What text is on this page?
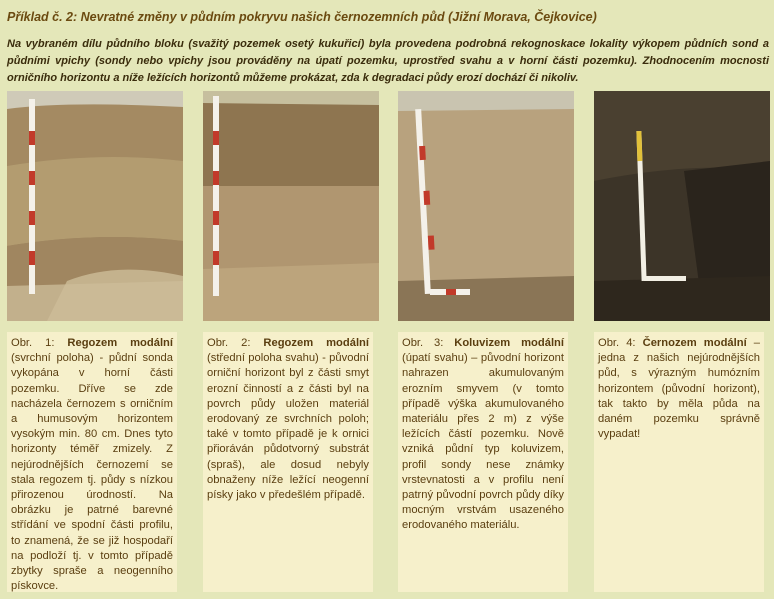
Příklad č. 2: Nevratné změny v půdním pokryvu našich černozemních půd (Jižní Morava, Čejkovice)
Na vybraném dílu půdního bloku (svažitý pozemek osetý kukuřicí) byla provedena podrobná rekognoskace lokality výkopem půdních sond a půdními vpichy (sondy nebo vpichy jsou prováděny na úpatí pozemku, uprostřed svahu a v horní části pozemku). Zhodnocením mocnosti orničního horizontu a níže ležících horizontů můžeme prokázat, zda k degradaci půdy erozí dochází či nikoliv.
Obr. 1: Regozem modální (svrchní poloha) - půdní sonda vykopána v horní části pozemku. Dříve se zde nacházela černozem s orničním a humusovým horizontem vysokým min. 80 cm. Dnes tyto horizonty téměř zmizely. Z nejúrodnějších černozemí se stala regozem tj. půdy s nízkou přirozenou úrodností. Na obrázku je patrné barevné střídání ve spodní části profilu, to znamená, že se již hospodaří na podloží tj. v tomto případě zbytky spraše a neogenního pískovce.
Obr. 2: Regozem modální (střední poloha svahu) - původní orniční horizont byl z části smyt erozní činností a z části byl na povrch půdy uložen materiál erodovaný ze svrchních poloh; také v tomto případě je k ornici přioráván půdotvorný substrát (spraš), ale dosud nebyly obnaženy níže ležící neogenní písky jako v předešlém případě.
Obr. 3: Koluvizem modální (úpatí svahu) – původní horizont nahrazen akumulovaným erozním smyvem (v tomto případě výška akumulovaného materiálu přes 2 m) z výše ležících částí pozemku. Nově vzniká půdní typ koluvizem, profil sondy nese známky vrstevnatosti a v profilu není patrný původní povrch půdy díky mocným vrstvám usazeného erodovaného materiálu.
Obr. 4: Černozem modální – jedna z našich nejúrodnějších půd, s výrazným humózním horizontem (původní horizont), tak takto by měla půda na daném pozemku správně vypadat!
